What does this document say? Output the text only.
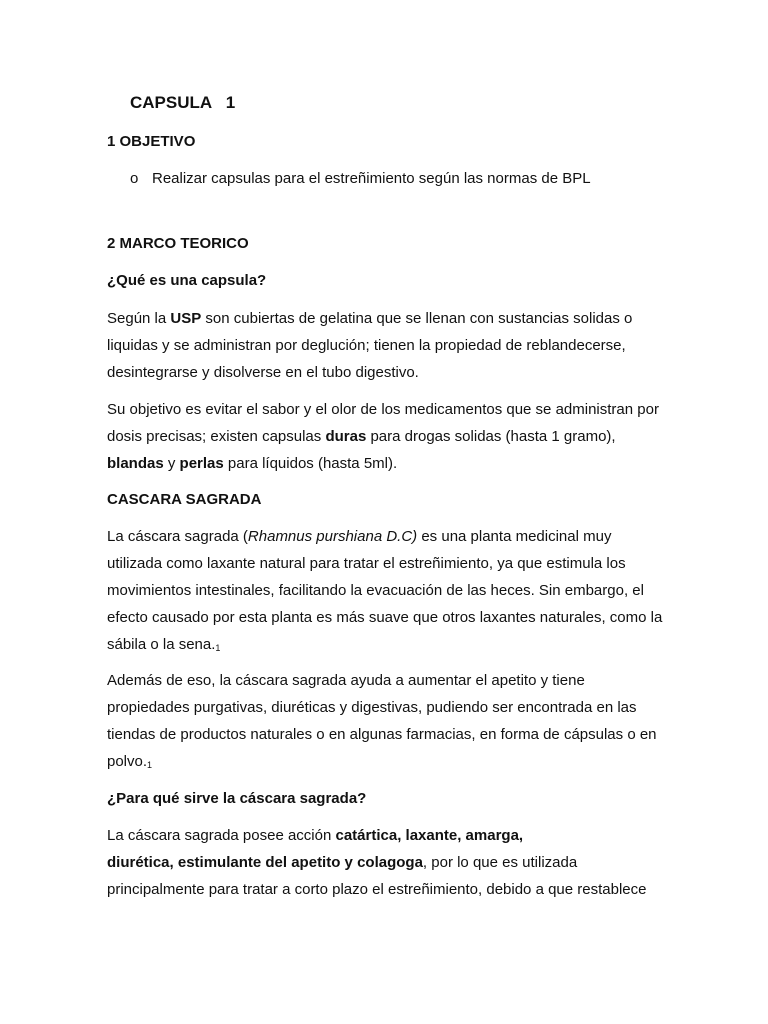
CAPSULA   1
1 OBJETIVO
o Realizar capsulas para el estreñimiento según las normas de BPL
2 MARCO TEORICO
¿Qué es una capsula?

Según la USP son cubiertas de gelatina que se llenan con sustancias solidas o liquidas y se administran por deglución; tienen la propiedad de reblandecerse, desintegrarse y disolverse en el tubo digestivo.

Su objetivo es evitar el sabor y el olor de los medicamentos que se administran por dosis precisas; existen capsulas duras para drogas solidas (hasta 1 gramo), blandas y perlas para líquidos (hasta 5ml).

CASCARA SAGRADA

La cáscara sagrada (Rhamnus purshiana D.C) es una planta medicinal muy utilizada como laxante natural para tratar el estreñimiento, ya que estimula los movimientos intestinales, facilitando la evacuación de las heces. Sin embargo, el efecto causado por esta planta es más suave que otros laxantes naturales, como la sábila o la $sena._1$

Además de eso, la cáscara sagrada ayuda a aumentar el apetito y tiene propiedades purgativas, diuréticas y digestivas, pudiendo ser encontrada en las tiendas de productos naturales o en algunas farmacias, en forma de cápsulas o en $polvo._1$

¿Para qué sirve la cáscara sagrada?

La cáscara sagrada posee acción catártica, laxante, amarga,
diurética, estimulante del apetito y colagoga, por lo que es utilizada principalmente para tratar a corto plazo el estreñimiento, debido a que restablece
